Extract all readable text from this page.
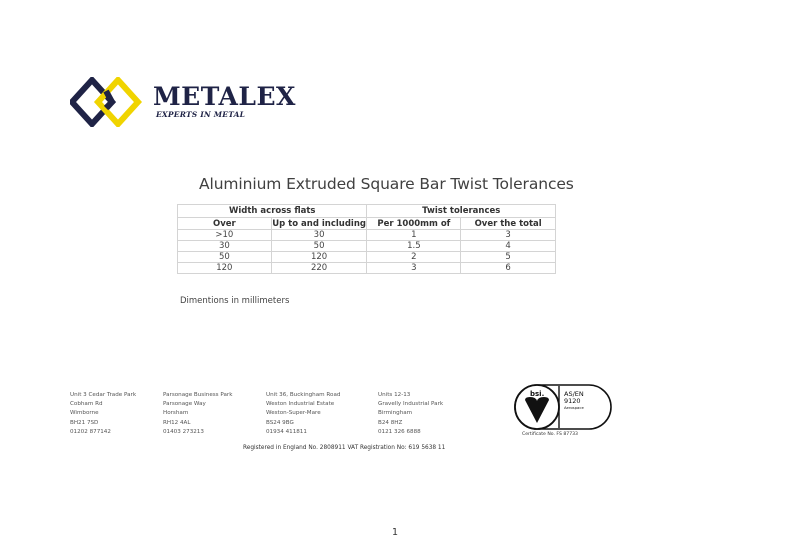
METALEX
EXPERTS IN METAL
Aluminium Extruded Square Bar Twist Tolerances
Width across flats		Twist tolerances	
Over	Up to and including	Per 1000mm of	Over the total
>10	30	1	3
30	50	1.5	4
50	120	2	5
120	220	3	6
Dimentions in millimeters
Unit 3 Cedar Trade Park
Cobham Rd
Wimborne
BH21 7SD
01202 877142
Parsonage Business Park
Parsonage Way
Horsham
RH12 4AL
01403 273213
Unit 36, Buckingham Road
Weston Industrial Estate
Weston-Super-Mare
BS24 9BG
01934 411811
Units 12-13
Gravelly Industrial Park
Birmingham
B24 8HZ
0121 326 6888
bsi.	AS/EN
9120
Aerospace
Certificate No. FS 87733
Registered in England No. 2808911 VAT Registration No: 619 5638 11
1
